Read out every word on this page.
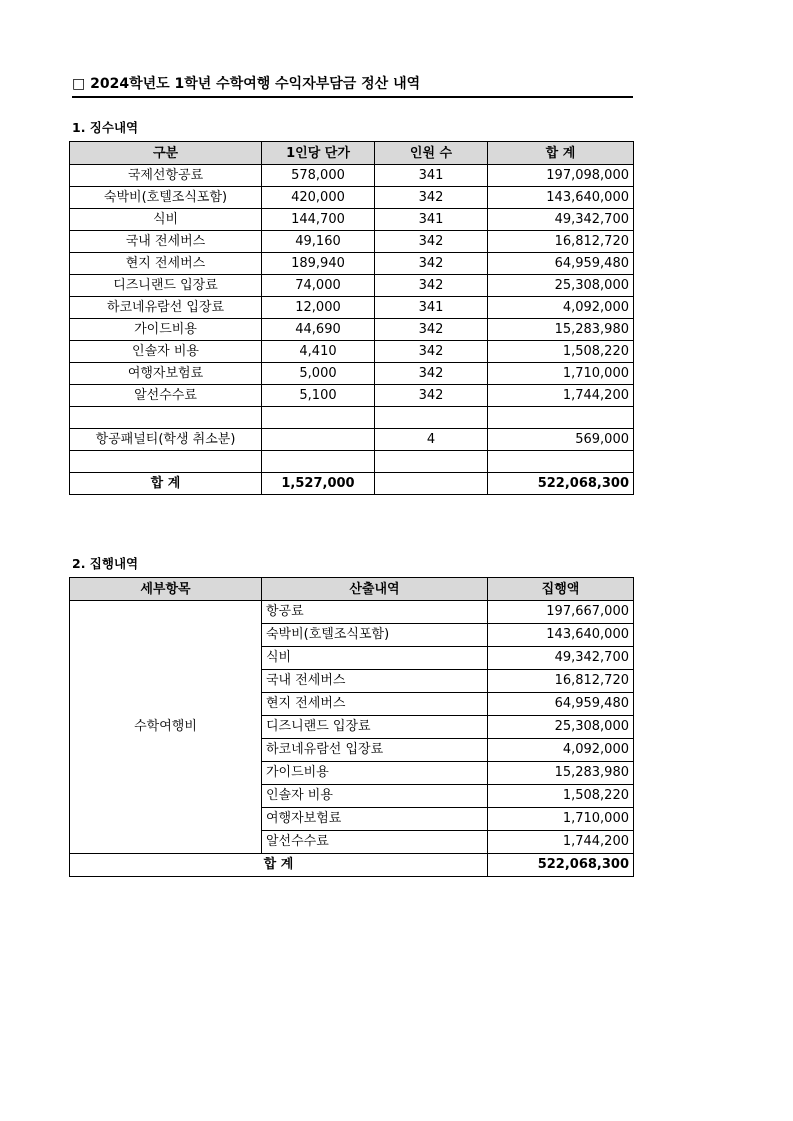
□ 2024학년도 1학년 수학여행 수익자부담금 정산 내역
1. 징수내역
구분	1인당 단가	인원 수	합 계
국제선항공료	578,000	341	197,098,000
숙박비(호텔조식포함)	420,000	342	143,640,000
식비	144,700	341	49,342,700
국내 전세버스	49,160	342	16,812,720
현지 전세버스	189,940	342	64,959,480
디즈니랜드 입장료	74,000	342	25,308,000
하코네유람선 입장료	12,000	341	4,092,000
가이드비용	44,690	342	15,283,980
인솔자 비용	4,410	342	1,508,220
여행자보험료	5,000	342	1,710,000
알선수수료	5,100	342	1,744,200

항공패널티(학생 취소분)		4	569,000

합 계	1,527,000		522,068,300
2. 집행내역
세부항목	산출내역	집행액
수학여행비	항공료	197,667,000
	숙박비(호텔조식포함)	143,640,000
	식비	49,342,700
	국내 전세버스	16,812,720
	현지 전세버스	64,959,480
	디즈니랜드 입장료	25,308,000
	하코네유람선 입장료	4,092,000
	가이드비용	15,283,980
	인솔자 비용	1,508,220
	여행자보험료	1,710,000
	알선수수료	1,744,200
합 계		522,068,300
